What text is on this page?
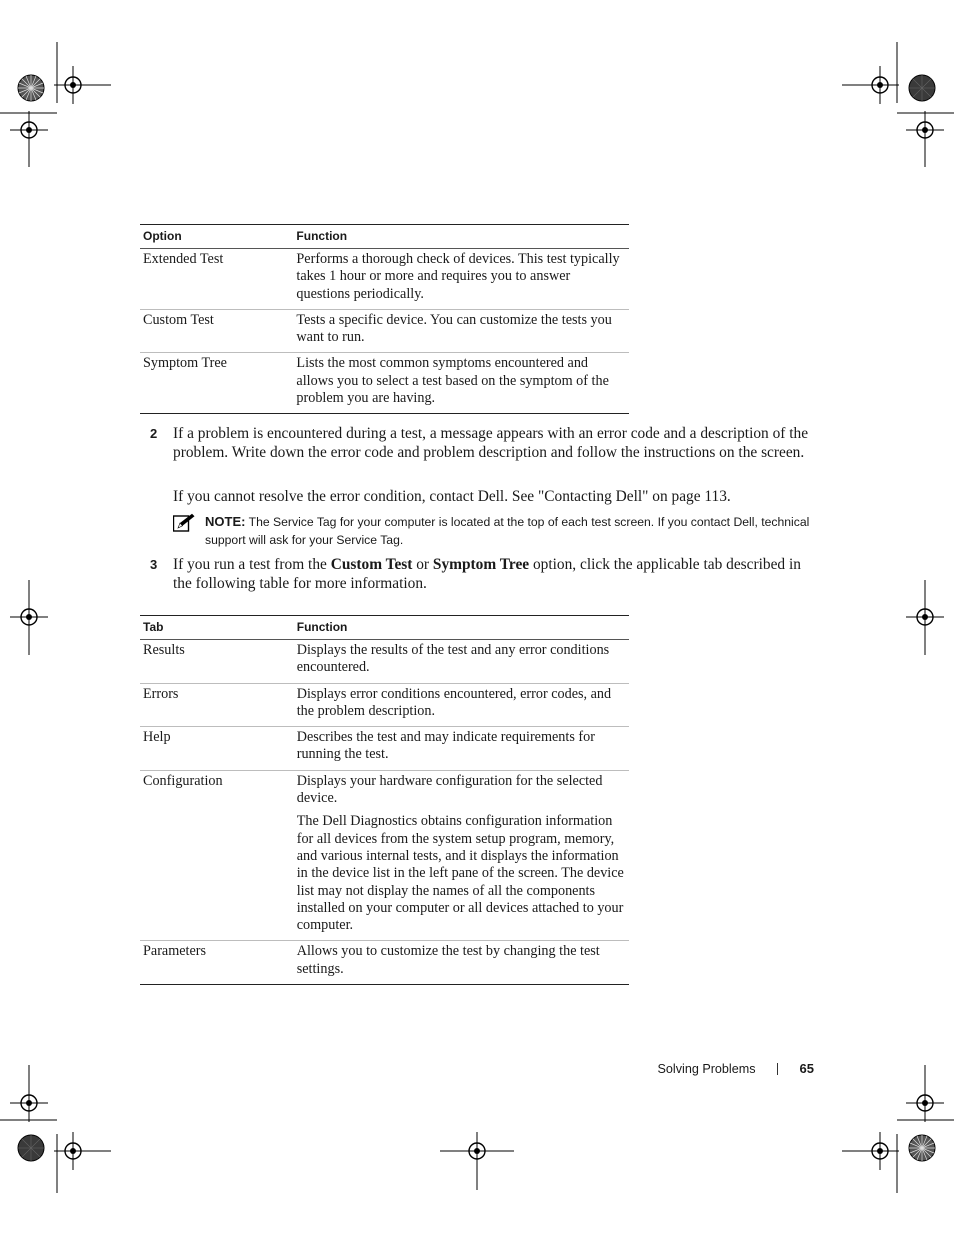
Option	Function
Extended Test	Performs a thorough check of devices. This test typically takes 1 hour or more and requires you to answer questions periodically.
Custom Test	Tests a specific device. You can customize the tests you want to run.
Symptom Tree	Lists the most common symptoms encountered and allows you to select a test based on the symptom of the problem you are having.
2 If a problem is encountered during a test, a message appears with an error code and a description of the problem. Write down the error code and problem description and follow the instructions on the screen.
If you cannot resolve the error condition, contact Dell. See "Contacting Dell" on page 113.
NOTE: The Service Tag for your computer is located at the top of each test screen. If you contact Dell, technical support will ask for your Service Tag.
3 If you run a test from the Custom Test or Symptom Tree option, click the applicable tab described in the following table for more information.
Tab	Function
Results	Displays the results of the test and any error conditions encountered.
Errors	Displays error conditions encountered, error codes, and the problem description.
Help	Describes the test and may indicate requirements for running the test.
Configuration	Displays your hardware configuration for the selected device.

The Dell Diagnostics obtains configuration information for all devices from the system setup program, memory, and various internal tests, and it displays the information in the device list in the left pane of the screen. The device list may not display the names of all the components installed on your computer or all devices attached to your computer.

Parameters	Allows you to customize the test by changing the test settings.
Solving Problems	65
